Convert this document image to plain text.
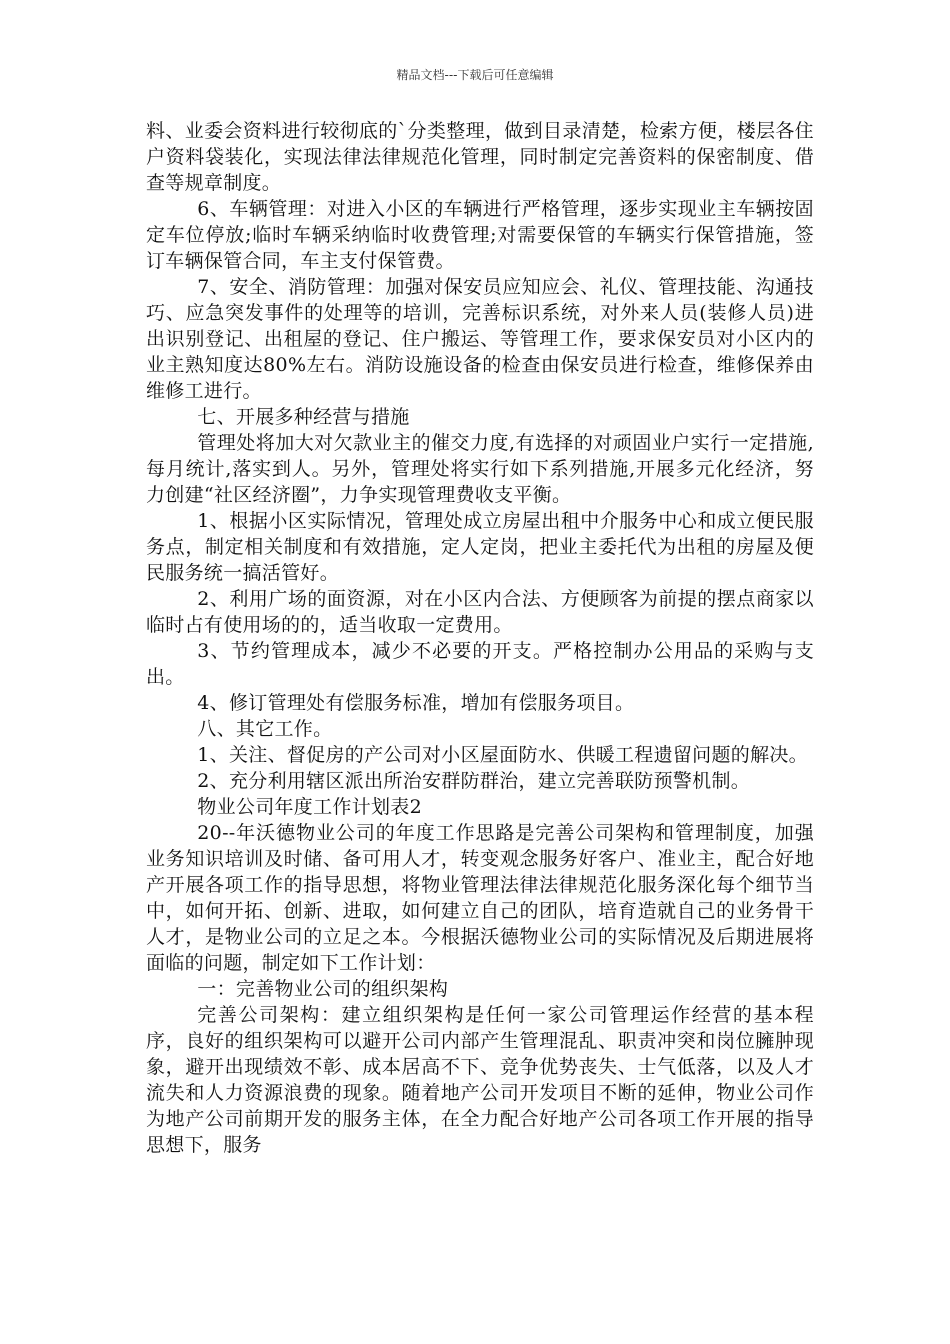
精品文档---下载后可任意编辑

料、业委会资料进行较彻底的`分类整理，做到目录清楚，检索方便，楼层各住户资料袋装化，实现法律法律规范化管理，同时制定完善资料的保密制度、借查等规章制度。

6、车辆管理：对进入小区的车辆进行严格管理，逐步实现业主车辆按固定车位停放;临时车辆采纳临时收费管理;对需要保管的车辆实行保管措施，签订车辆保管合同，车主支付保管费。

7、安全、消防管理：加强对保安员应知应会、礼仪、管理技能、沟通技巧、应急突发事件的处理等的培训，完善标识系统，对外来人员(装修人员)进出识别登记、出租屋的登记、住户搬运、等管理工作，要求保安员对小区内的业主熟知度达80%左右。消防设施设备的检查由保安员进行检查，维修保养由维修工进行。

七、开展多种经营与措施

管理处将加大对欠款业主的催交力度,有选择的对顽固业户实行一定措施,每月统计,落实到人。另外，管理处将实行如下系列措施,开展多元化经济，努力创建“社区经济圈”，力争实现管理费收支平衡。

1、根据小区实际情况，管理处成立房屋出租中介服务中心和成立便民服务点，制定相关制度和有效措施，定人定岗，把业主委托代为出租的房屋及便民服务统一搞活管好。

2、利用广场的面资源，对在小区内合法、方便顾客为前提的摆点商家以临时占有使用场的的，适当收取一定费用。

3、节约管理成本，减少不必要的开支。严格控制办公用品的采购与支出。

4、修订管理处有偿服务标准，增加有偿服务项目。

八、其它工作。

1、关注、督促房的产公司对小区屋面防水、供暖工程遗留问题的解决。

2、充分利用辖区派出所治安群防群治，建立完善联防预警机制。

物业公司年度工作计划表2

20--年沃德物业公司的年度工作思路是完善公司架构和管理制度，加强业务知识培训及时储、备可用人才，转变观念服务好客户、准业主，配合好地产开展各项工作的指导思想，将物业管理法律法律规范化服务深化每个细节当中，如何开拓、创新、进取，如何建立自己的团队，培育造就自己的业务骨干人才，是物业公司的立足之本。今根据沃德物业公司的实际情况及后期进展将面临的问题，制定如下工作计划：

一：完善物业公司的组织架构

完善公司架构：建立组织架构是任何一家公司管理运作经营的基本程序，良好的组织架构可以避开公司内部产生管理混乱、职责冲突和岗位臃肿现象，避开出现绩效不彰、成本居高不下、竞争优势丧失、士气低落，以及人才流失和人力资源浪费的现象。随着地产公司开发项目不断的延伸，物业公司作为地产公司前期开发的服务主体，在全力配合好地产公司各项工作开展的指导思想下，服务
